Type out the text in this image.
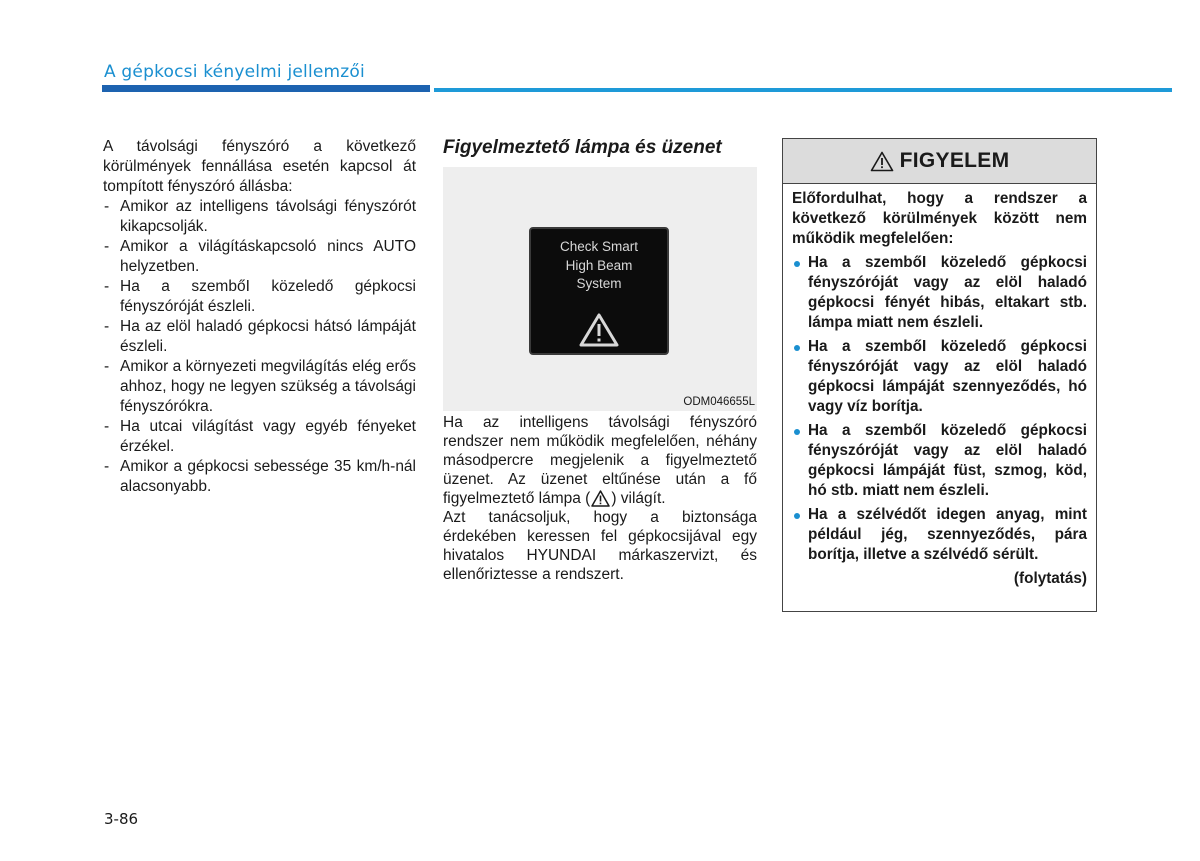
A gépkocsi kényelmi jellemzői

A távolsági fényszóró a következő körülmények fennállása esetén kapcsol át tompított fényszóró állásba:

- Amikor az intelligens távolsági fényszórót kikapcsolják.
- Amikor a világításkapcsoló nincs AUTO helyzetben.
- Ha a szembőI közeledő gépkocsi fényszóróját észleli.
- Ha az elöl haladó gépkocsi hátsó lámpáját észleli.
- Amikor a környezeti megvilágítás elég erős ahhoz, hogy ne legyen szükség a távolsági fényszórókra.
- Ha utcai világítást vagy egyéb fényeket érzékel.
- Amikor a gépkocsi sebessége 35 km/h-nál alacsonyabb.
Figyelmeztető lámpa és üzenet
Check Smart
High Beam
System
ODM046655L

Ha az intelligens távolsági fényszóró rendszer nem működik megfelelően, néhány másodpercre megjelenik a figyelmeztető üzenet. Az üzenet eltűnése után a fő figyelmeztető lámpa ( ) világít.

Azt tanácsoljuk, hogy a biztonsága érdekében keressen fel gépkocsijával egy hivatalos HYUNDAI márkaszervizt, és ellenőriztesse a rendszert.

FIGYELEM

Előfordulhat, hogy a rendszer a következő körülmények között nem működik megfelelően:

Ha a szembőI közeledő gépkocsi fényszóróját vagy az elöl haladó gépkocsi fényét hibás, eltakart stb. lámpa miatt nem észleli.
Ha a szembőI közeledő gépkocsi fényszóróját vagy az elöl haladó gépkocsi lámpáját szennyeződés, hó vagy víz borítja.
Ha a szembőI közeledő gépkocsi fényszóróját vagy az elöl haladó gépkocsi lámpáját füst, szmog, köd, hó stb. miatt nem észleli.
Ha a szélvédőt idegen anyag, mint például jég, szennyeződés, pára borítja, illetve a szélvédő sérült.
(folytatás)
3-86
